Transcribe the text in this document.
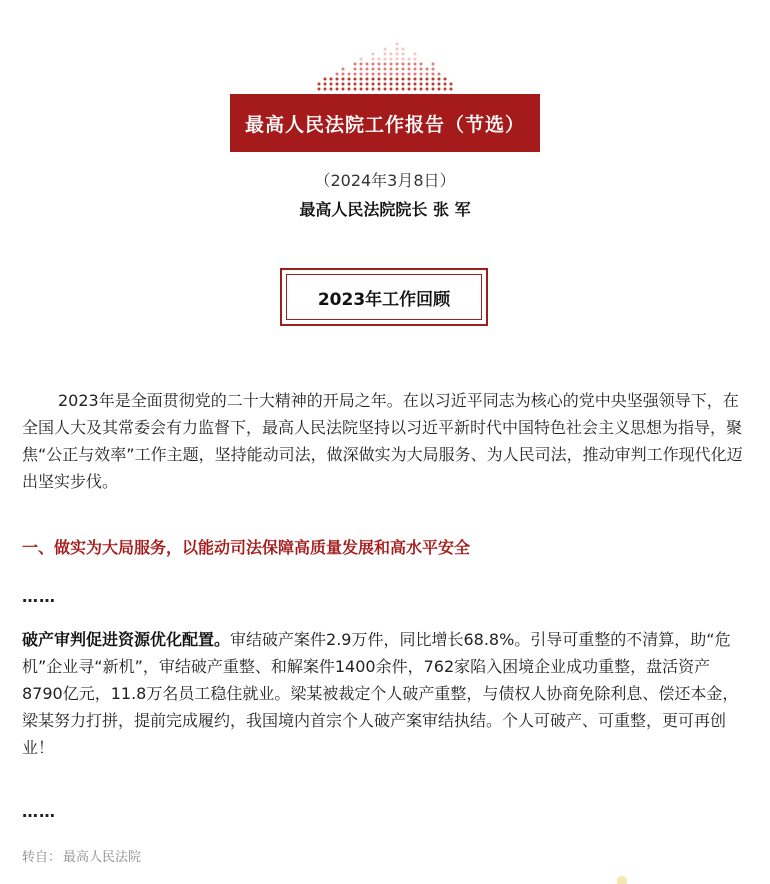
最高人民法院工作报告（节选）
（2024年3月8日）
最高人民法院院长 张 军
2023年工作回顾
2023年是全面贯彻党的二十大精神的开局之年。在以习近平同志为核心的党中央坚强领导下，在全国人大及其常委会有力监督下，最高人民法院坚持以习近平新时代中国特色社会主义思想为指导，聚焦“公正与效率”工作主题，坚持能动司法，做深做实为大局服务、为人民司法，推动审判工作现代化迈出坚实步伐。
一、做实为大局服务，以能动司法保障高质量发展和高水平安全
……
破产审判促进资源优化配置。审结破产案件2.9万件，同比增长68.8%。引导可重整的不清算，助“危机”企业寻“新机”，审结破产重整、和解案件1400余件，762家陷入困境企业成功重整，盘活资产8790亿元，11.8万名员工稳住就业。梁某被裁定个人破产重整，与债权人协商免除利息、偿还本金，梁某努力打拼，提前完成履约，我国境内首宗个人破产案审结执结。个人可破产、可重整，更可再创业！
……
转自： 最高人民法院
